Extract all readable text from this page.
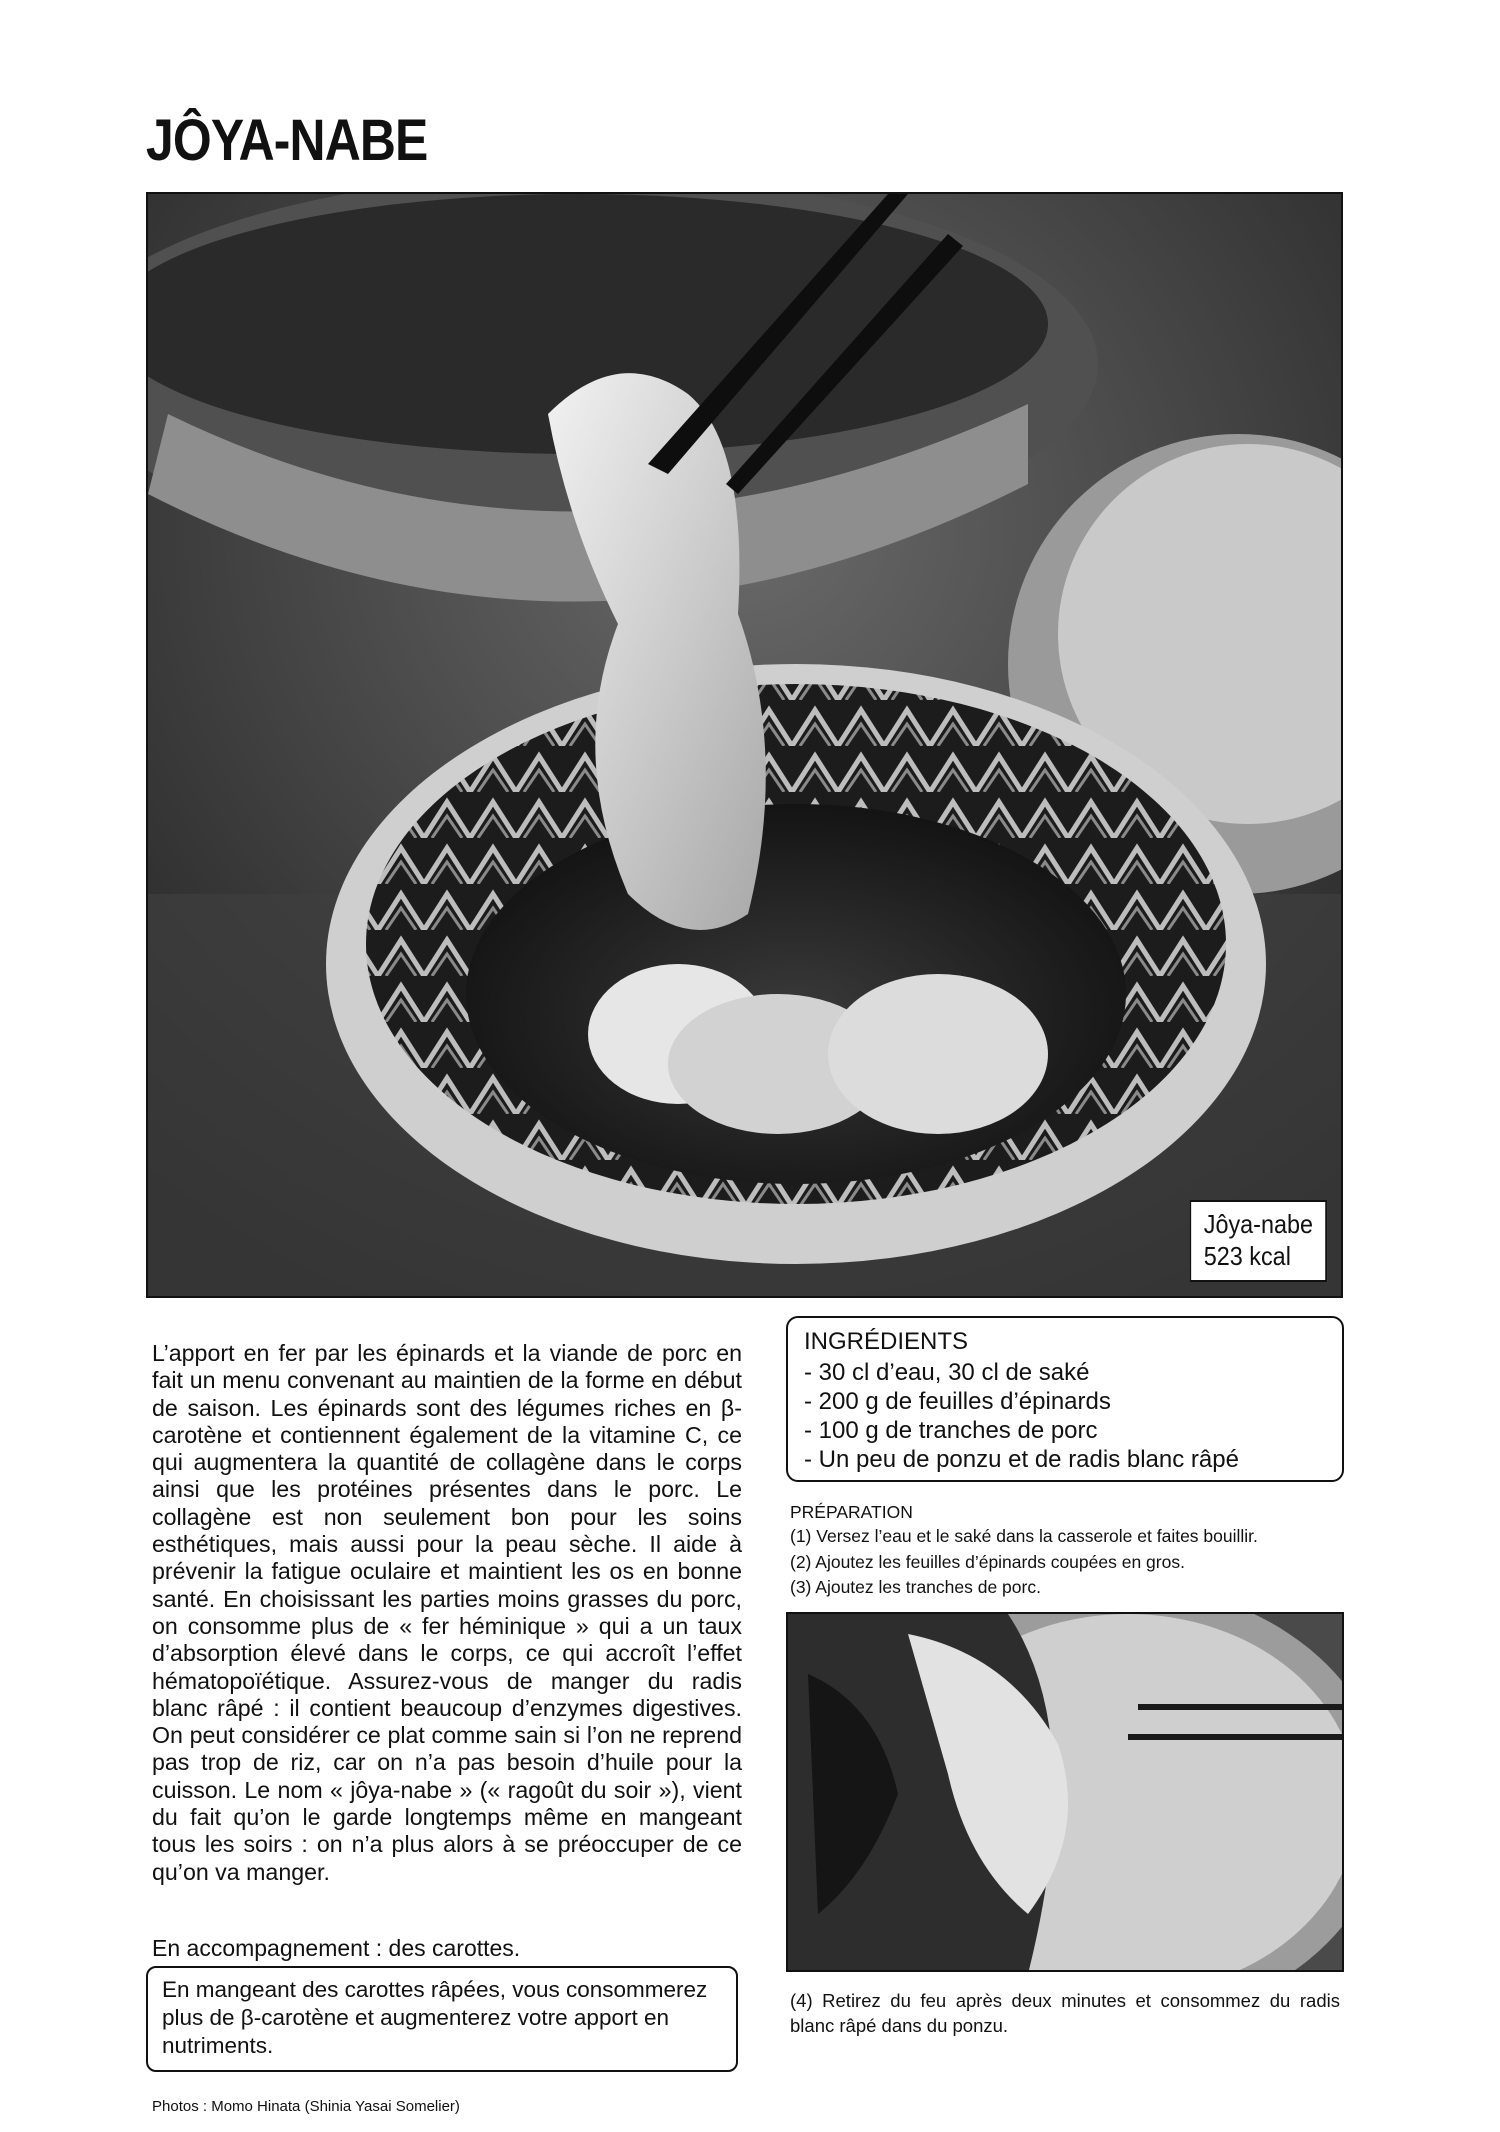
JÔYA-NABE
Jôya-nabe
523 kcal
L’apport en fer par les épinards et la viande de porc en fait un menu convenant au maintien de la forme en début de saison. Les épinards sont des légumes riches en β-carotène et contiennent également de la vitamine C, ce qui augmentera la quantité de collagène dans le corps ainsi que les protéines présentes dans le porc. Le collagène est non seulement bon pour les soins esthétiques, mais aussi pour la peau sèche. Il aide à prévenir la fatigue oculaire et maintient les os en bonne santé. En choisissant les parties moins grasses du porc, on consomme plus de « fer héminique » qui a un taux d’absorption élevé dans le corps, ce qui accroît l’effet hématopoïétique. Assurez-vous de manger du radis blanc râpé : il contient beaucoup d’enzymes digestives. On peut considérer ce plat comme sain si l’on ne reprend pas trop de riz, car on n’a pas besoin d’huile pour la cuisson. Le nom « jôya-nabe » (« ragoût du soir »), vient du fait qu’on le garde longtemps même en mangeant tous les soirs : on n’a plus alors à se préoccuper de ce qu’on va manger.
En accompagnement : des carottes.
En mangeant des carottes râpées, vous consommerez plus de β-carotène et augmenterez votre apport en nutriments.
Photos : Momo Hinata (Shinia Yasai Somelier)
INGRÉDIENTS
- 30 cl d’eau, 30 cl de saké
- 200 g de feuilles d’épinards
- 100 g de tranches de porc
- Un peu de ponzu et de radis blanc râpé
PRÉPARATION
(1) Versez l’eau et le saké dans la casserole et faites bouillir.
(2) Ajoutez les feuilles d’épinards coupées en gros.
(3) Ajoutez les tranches de porc.
(4) Retirez du feu après deux minutes et consommez du radis blanc râpé dans du ponzu.
